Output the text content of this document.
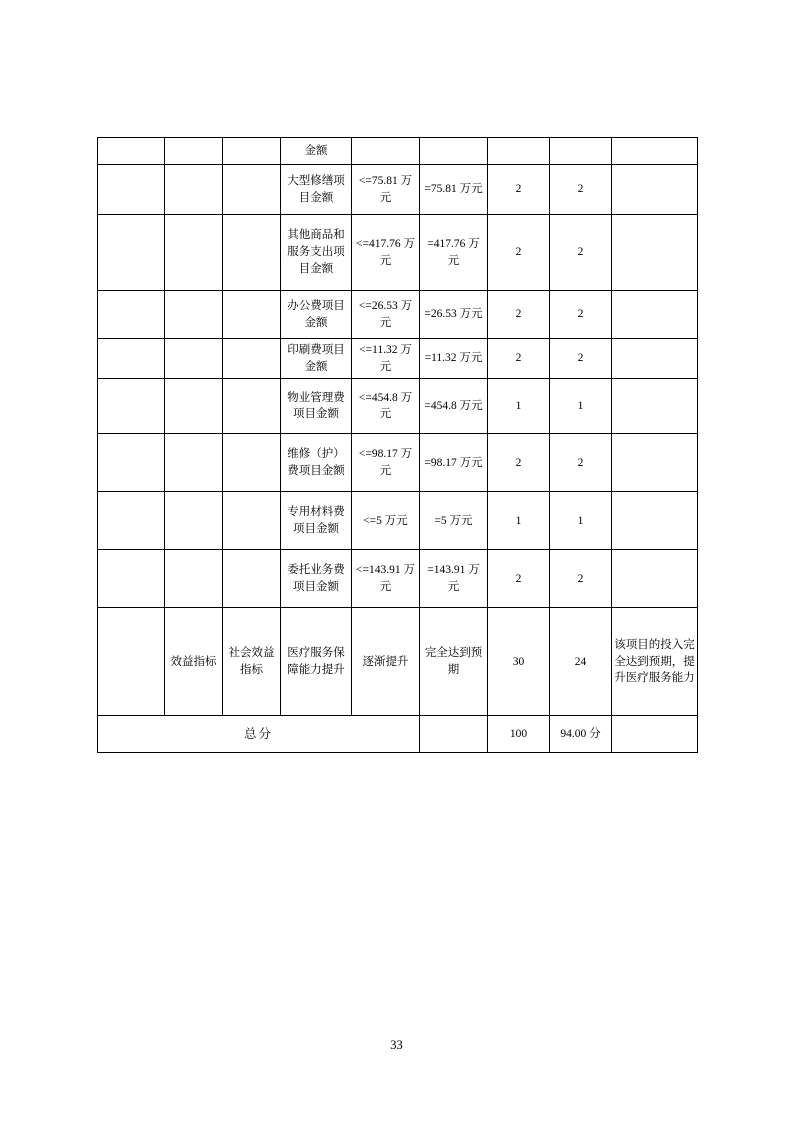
			金额					
			大型修缮项目金额	<=75.81 万元	=75.81 万元	2	2	
			其他商品和服务支出项目金额	<=417.76 万元	=417.76 万元	2	2	
			办公费项目金额	<=26.53 万元	=26.53 万元	2	2	
			印刷费项目金额	<=11.32 万元	=11.32 万元	2	2	
			物业管理费项目金额	<=454.8 万元	=454.8 万元	1	1	
			维修（护）费项目金额	<=98.17 万元	=98.17 万元	2	2	
			专用材料费项目金额	<=5 万元	=5 万元	1	1	
			委托业务费项目金额	<=143.91 万元	=143.91 万元	2	2	
	效益指标	社会效益指标	医疗服务保障能力提升	逐渐提升	完全达到预期	30	24	该项目的投入完全达到预期，提升医疗服务能力
总分						100	94.00 分	
33
